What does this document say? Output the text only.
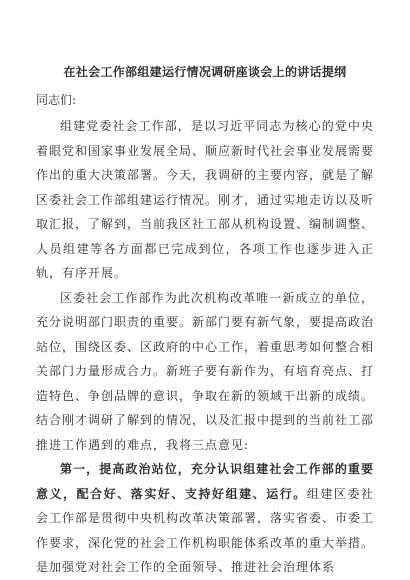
在社会工作部组建运行情况调研座谈会上的讲话提纲
同志们:

组建党委社会工作部，是以习近平同志为核心的党中央着眼党和国家事业发展全局、顺应新时代社会事业发展需要作出的重大决策部署。今天，我调研的主要内容，就是了解区委社会工作部组建运行情况。刚才，通过实地走访以及听取汇报，了解到，当前我区社工部从机构设置、编制调整、人员组建等各方面都已完成到位，各项工作也逐步进入正轨，有序开展。

区委社会工作部作为此次机构改革唯一新成立的单位，充分说明部门职责的重要。新部门要有新气象，要提高政治站位，围绕区委、区政府的中心工作，着重思考如何整合相关部门力量形成合力。新班子要有新作为，有培育亮点、打造特色、争创品牌的意识，争取在新的领域干出新的成绩。结合刚才调研了解到的情况，以及汇报中提到的当前社工部推进工作遇到的难点，我将三点意见:

第一，提高政治站位，充分认识组建社会工作部的重要意义，配合好、落实好、支持好组建、运行。组建区委社会工作部是贯彻中央机构改革决策部署，落实省委、市委工作要求，深化党的社会工作机构职能体系改革的重大举措。是加强党对社会工作的全面领导、推进社会治理体系
